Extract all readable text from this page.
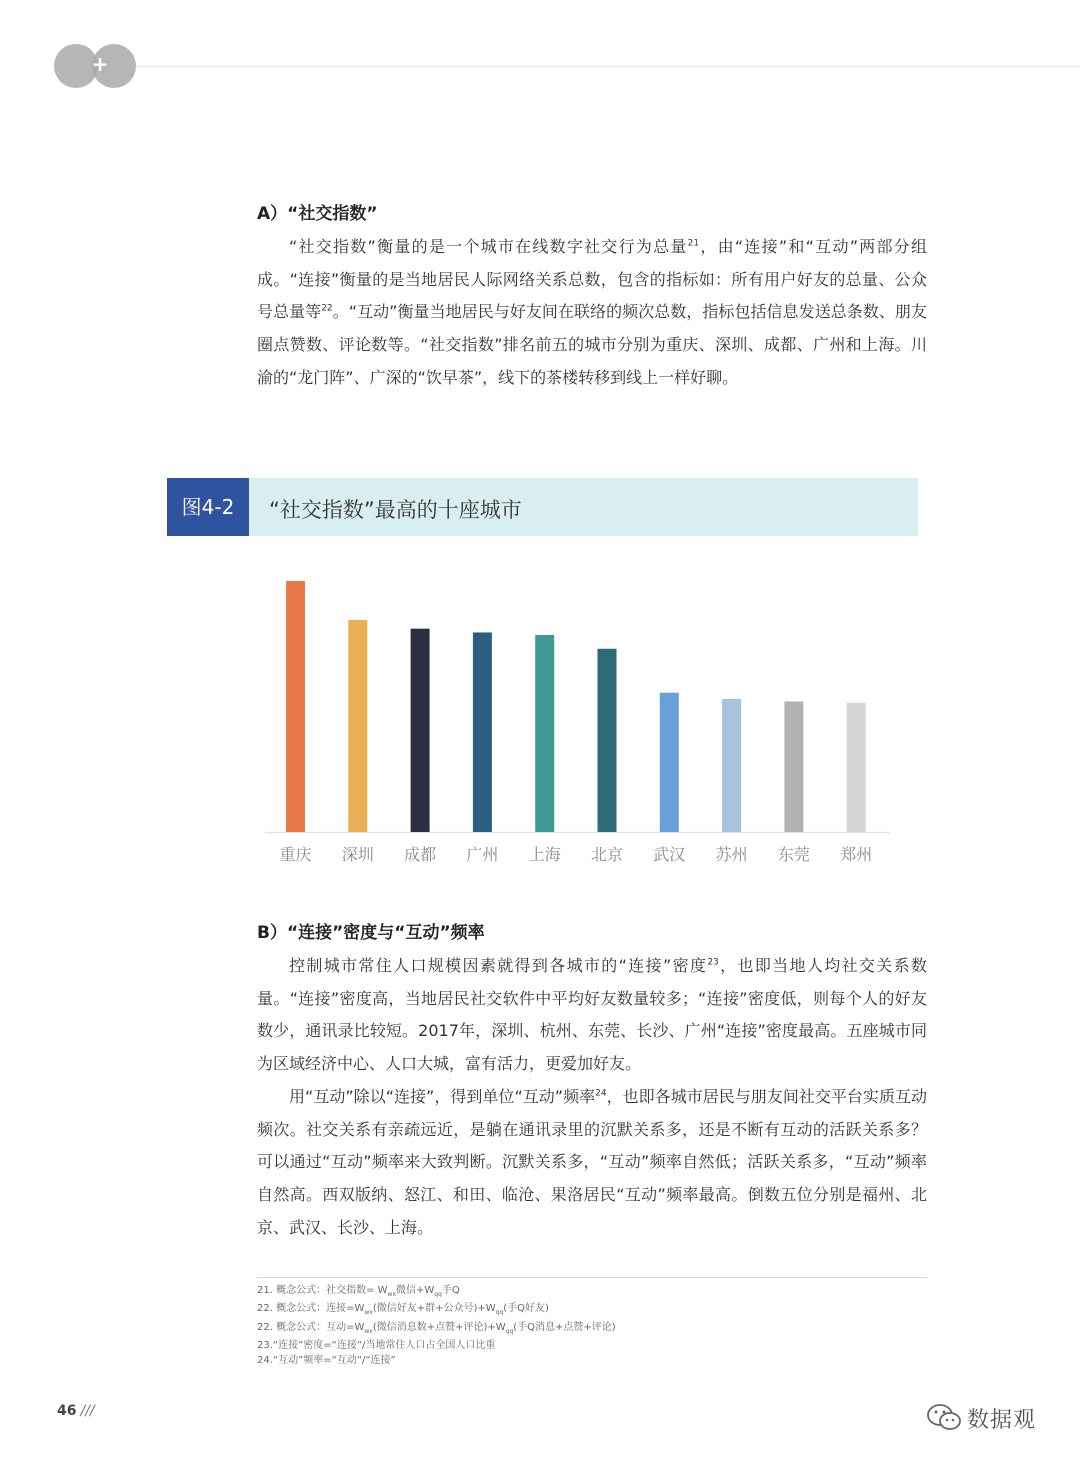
+
A）“社交指数”

“社交指数”衡量的是一个城市在线数字社交行为总量$^{21}$，由“连接”和“互动”两部分组成。“连接”衡量的是当地居民人际网络关系总数，包含的指标如：所有用户好友的总量、公众号总量等$^{22}$。“互动”衡量当地居民与好友间在联络的频次总数，指标包括信息发送总条数、朋友圈点赞数、评论数等。“社交指数”排名前五的城市分别为重庆、深圳、成都、广州和上海。川渝的“龙门阵”、广深的“饮早茶”，线下的茶楼转移到线上一样好聊。

图4-2	“社交指数”最高的十座城市
重庆 深圳 成都 广州 上海 北京 武汉 苏州 东莞 郑州
B）“连接”密度与“互动”频率

控制城市常住人口规模因素就得到各城市的“连接”密度$^{23}$，也即当地人均社交关系数量。“连接”密度高，当地居民社交软件中平均好友数量较多；“连接”密度低，则每个人的好友数少，通讯录比较短。2017年，深圳、杭州、东莞、长沙、广州“连接”密度最高。五座城市同为区域经济中心、人口大城，富有活力，更爱加好友。

用“互动”除以“连接”，得到单位“互动”频率$^{24}$，也即各城市居民与朋友间社交平台实质互动频次。社交关系有亲疏远近，是躺在通讯录里的沉默关系多，还是不断有互动的活跃关系多？可以通过“互动”频率来大致判断。沉默关系多，“互动”频率自然低；活跃关系多，“互动”频率自然高。西双版纳、怒江、和田、临沧、果洛居民“互动”频率最高。倒数五位分别是福州、北京、武汉、长沙、上海。

21. 概念公式：社交指数= $W_{wx}$微信$+W_{qq}$手Q
22. 概念公式：连接$=W_{wx}$(微信好友+群+公众号)$+W_{qq}$(手Q好友)
22. 概念公式：互动$=W_{wx}$(微信消息数+点赞+评论)$+W_{qq}$(手Q消息+点赞+评论)
23.“连接”密度=“连接”/当地常住人口占全国人口比重
24.“互动”频率=“互动”/“连接”
46 ///	数据观
